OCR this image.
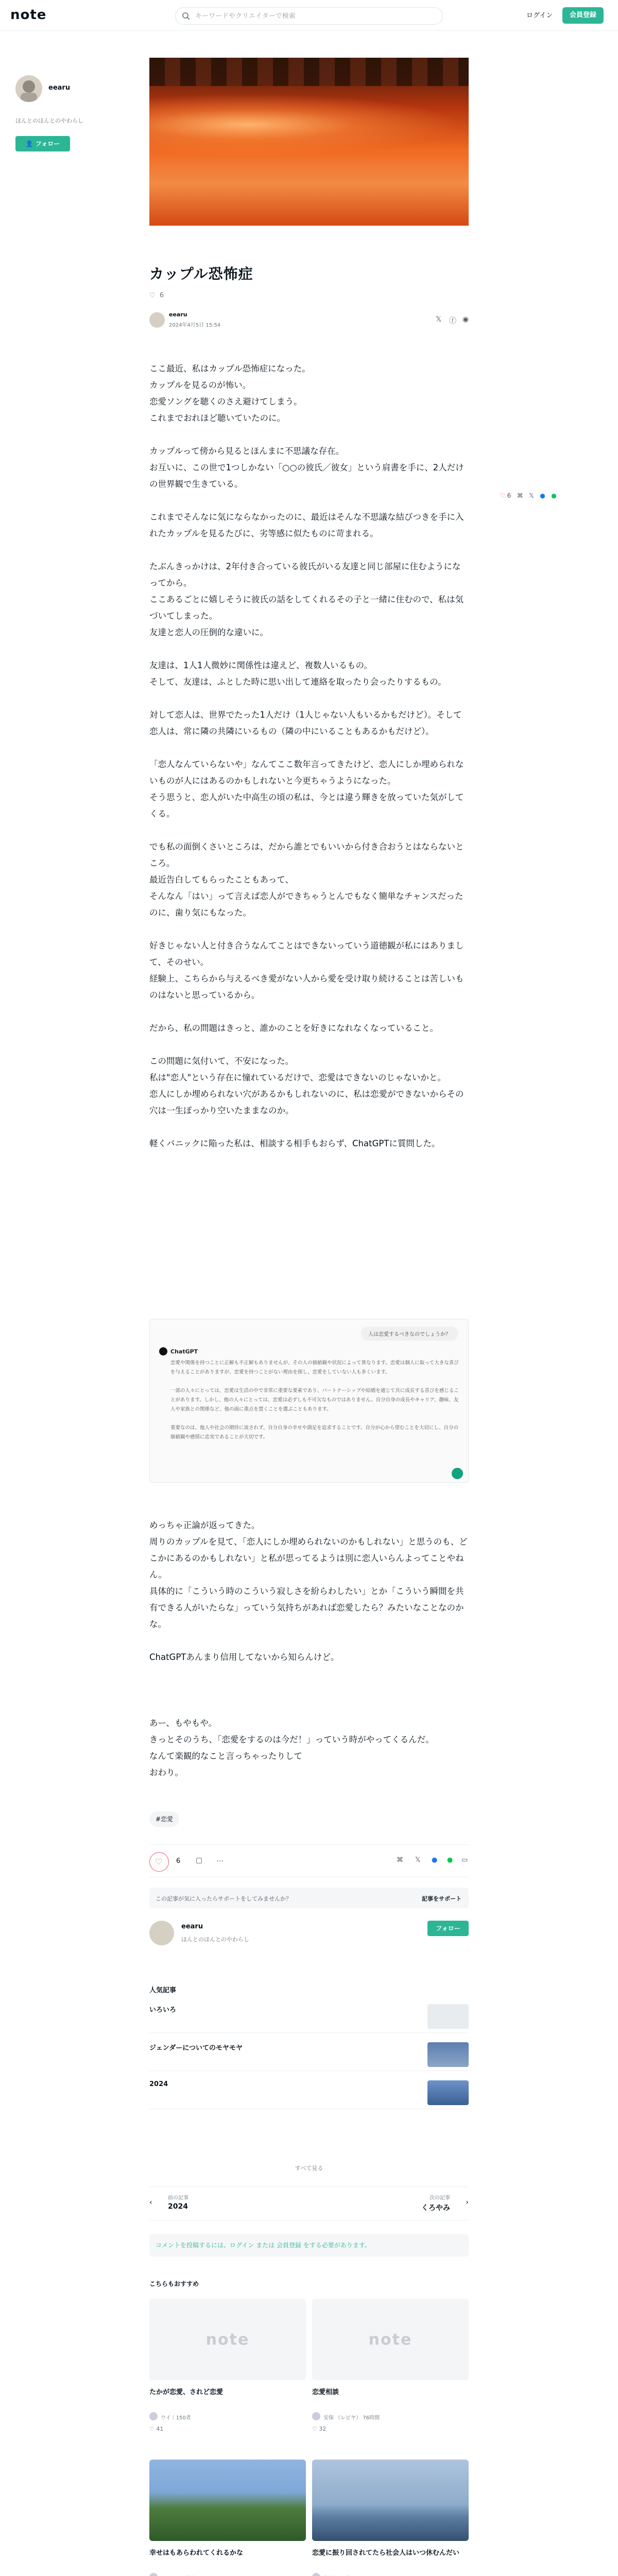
note
キーワードやクリエイターで検索	ログイン	会員登録
eearu
ほんとのほんとのやわらし
👤 フォロー
カップル恐怖症
♡ 6
eearu
2024年4月5日 15:54
𝕏 ⓕ ◉

ここ最近、私はカップル恐怖症になった。

カップルを見るのが怖い。

恋愛ソングを聴くのさえ避けてしまう。

これまでおれほど聴いていたのに。

カップルって傍から見るとほんまに不思議な存在。

お互いに、この世で1つしかない「○○の彼氏／彼女」という肩書を手に、2人だけの世界観で生きている。

これまでそんなに気にならなかったのに、最近はそんな不思議な結びつきを手に入れたカップルを見るたびに、劣等感に似たものに苛まれる。

たぶんきっかけは、2年付き合っている彼氏がいる友達と同じ部屋に住むようになってから。

ここあるごとに嬉しそうに彼氏の話をしてくれるその子と一緒に住むので、私は気づいてしまった。

友達と恋人の圧倒的な違いに。

友達は、1人1人微妙に関係性は違えど、複数人いるもの。

そして、友達は、ふとした時に思い出して連絡を取ったり会ったりするもの。

対して恋人は、世界でたった1人だけ（1人じゃない人もいるかもだけど）。そして恋人は、常に隣の共隣にいるもの（隣の中にいることもあるかもだけど）。

「恋人なんていらないや」なんてここ数年言ってきたけど、恋人にしか埋められないものが人にはあるのかもしれないと今更ちゃうようになった。

そう思うと、恋人がいた中高生の頃の私は、今とは違う輝きを放っていた気がしてくる。

でも私の面倒くさいところは、だから誰とでもいいから付き合おうとはならないところ。

最近告白してもらったこともあって、

そんなん「はい」って言えば恋人ができちゃうとんでもなく簡単なチャンスだったのに、歯り気にもなった。

好きじゃない人と付き合うなんてことはできないっていう道徳観が私にはありまして、そのせい。

経験上、こちらから与えるべき愛がない人から愛を受け取り続けることは苦しいものはないと思っているから。

だから、私の問題はきっと、誰かのことを好きになれなくなっていること。

この問題に気付いて、不安になった。

私は"恋人"という存在に憧れているだけで、恋愛はできないのじゃないかと。

恋人にしか埋められない穴があるかもしれないのに、私は恋愛ができないからその穴は一生ぽっかり空いたままなのか。

軽くパニックに陥った私は、相談する相手もおらず、ChatGPTに質問した。

人は恋愛するべきなのでしょうか？
ChatGPT

恋愛や関係を持つことに正解も不正解もありませんが、その人の価値観や状況によって異なります。恋愛は個人に取って大きな喜びを与えることがありますが、恋愛を持つことがない理由を探し、恋愛をしていない人も多くいます。

一部の人々にとっては、恋愛は生活の中で非常に重要な要素であり、パートナーシップや結婚を通じて共に成長する喜びを感じることがあります。しかし、他の人々にとっては、恋愛は必ずしも不可欠なものではありません。自分自身の成長やキャリア、趣味、友人や家族との関係など、他の面に重点を置くことを選ぶこともあります。

重要なのは、他人や社会の期待に流されず、自分自身の幸せや満足を追求することです。自分が心から望むことを大切にし、自分の価値観や感情に忠実であることが大切です。

めっちゃ正論が返ってきた。

周りのカップルを見て、「恋人にしか埋められないのかもしれない」と思うのも、どこかにあるのかもしれない」と私が思ってるようは別に恋人いらんよってことやねん。

具体的に「こういう時のこういう寂しさを紛らわしたい」とか「こういう瞬間を共有できる人がいたらな」っていう気持ちがあれば恋愛したら？みたいなことなのかな。

ChatGPTあんまり信用してないから知らんけど。

あー、もやもや。

きっとそのうち、「恋愛をするのは今だ！」っていう時がやってくるんだ。

なんて楽観的なこと言っちゃったりして

おわり。

♡ 6 ⌘ 𝕏 ● ●
#恋愛
♡ 6 ▢ …	⌘ 𝕏 ● ● ▭
この記事が気に入ったらサポートをしてみませんか？	記事をサポート
eearu
ほんとのほんとのやわらし
フォロー
人気記事
いろいろ
ジェンダーについてのモヤモヤ
2024
すべて見る
‹
前の記事
2024
次の記事
くろやみ
›
コメントを投稿するには、ログイン または 会員登録 をする必要があります。
こちらもおすすめ
note
たかが恋愛、されど恋愛
ウイ｜150者
♡ 41
note
恋愛相談
安保 （レビヤ） 76時間
♡ 32
幸せはもあらわれてくれるかな	恋愛に振り回されてたら社会人はいつ休むんだい
